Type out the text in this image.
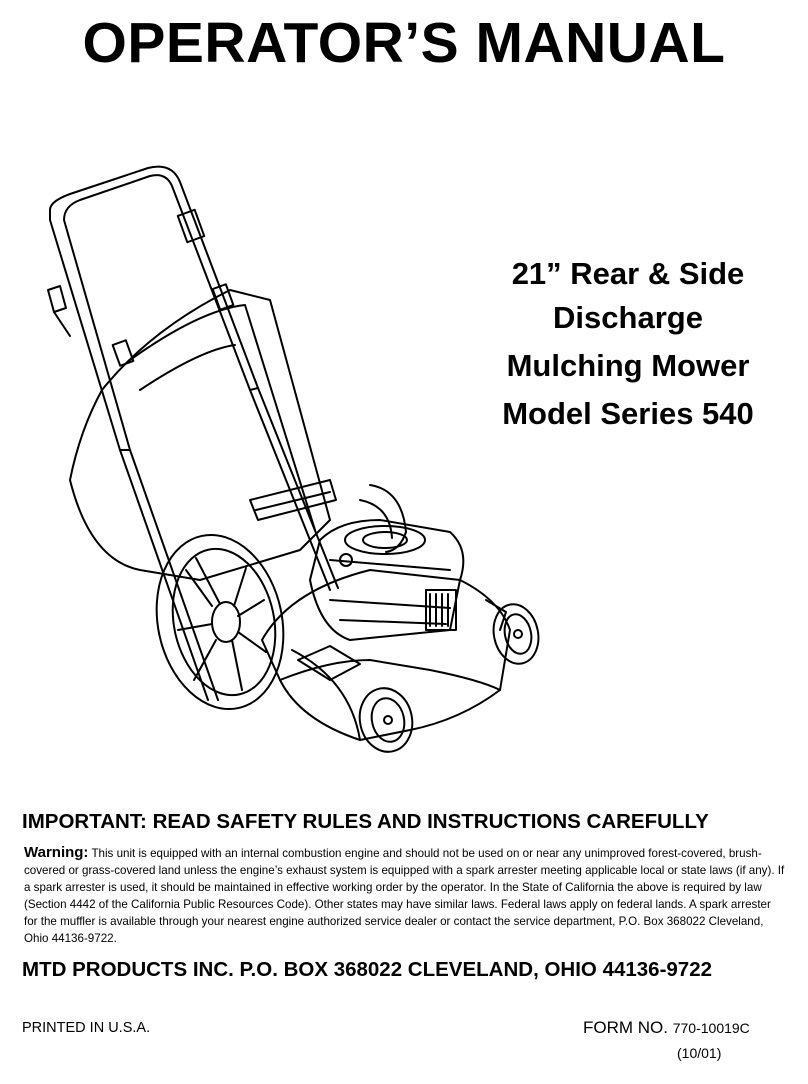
OPERATOR’S MANUAL
21” Rear & Side
Discharge
Mulching Mower
Model Series 540
IMPORTANT: READ SAFETY RULES AND INSTRUCTIONS CAREFULLY

Warning: This unit is equipped with an internal combustion engine and should not be used on or near any unimproved forest-covered, brush-covered or grass-covered land unless the engine’s exhaust system is equipped with a spark arrester meeting applicable local or state laws (if any). If a spark arrester is used, it should be maintained in effective working order by the operator. In the State of California the above is required by law (Section 4442 of the California Public Resources Code). Other states may have similar laws. Federal laws apply on federal lands. A spark arrester for the muffler is available through your nearest engine authorized service dealer or contact the service department, P.O. Box 368022 Cleveland, Ohio 44136-9722.

MTD PRODUCTS INC. P.O. BOX 368022 CLEVELAND, OHIO 44136-9722
PRINTED IN U.S.A.	FORM NO. 770-10019C
(10/01)
